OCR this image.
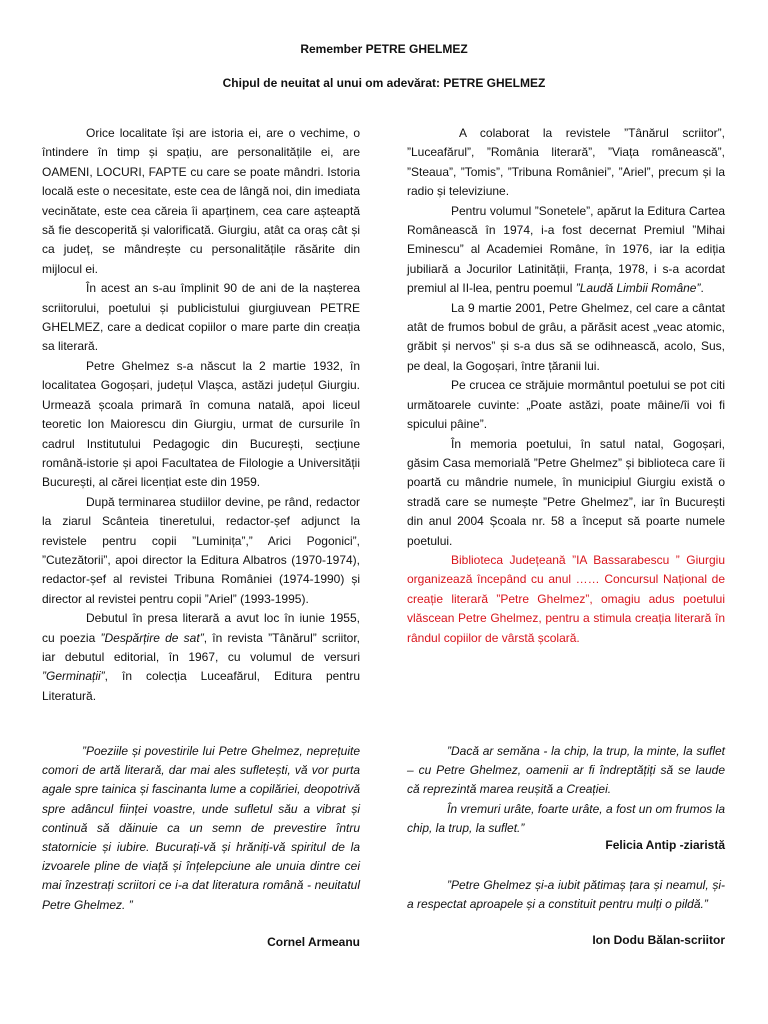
Remember PETRE GHELMEZ
Chipul de neuitat al unui om adevărat: PETRE GHELMEZ

Orice localitate își are istoria ei, are o vechime, o întindere în timp și spațiu, are personalitățile ei, are OAMENI, LOCURI, FAPTE cu care se poate mândri. Istoria locală este o necesitate, este cea de lângă noi, din imediata vecinătate, este cea căreia îi aparținem, cea care așteaptă să fie descoperită și valorificată. Giurgiu, atât ca oraș cât și ca județ, se mândrește cu personalitățile răsărite din mijlocul ei.

În acest an s-au împlinit 90 de ani de la nașterea scriitorului, poetului și publicistului giurgiuvean PETRE GHELMEZ, care a dedicat copiilor o mare parte din creația sa literară.

Petre Ghelmez s-a născut la 2 martie 1932, în localitatea Gogoșari, județul Vlașca, astăzi județul Giurgiu. Urmează școala primară în comuna natală, apoi liceul teoretic Ion Maiorescu din Giurgiu, urmat de cursurile în cadrul Institutului Pedagogic din București, secțiune română-istorie și apoi Facultatea de Filologie a Universității București, al cărei licențiat este din 1959.

După terminarea studiilor devine, pe rând, redactor la ziarul Scânteia tineretului, redactor-șef adjunct la revistele pentru copii ”Luminița”,” Arici Pogonici”, ”Cutezătorii”, apoi director la Editura Albatros (1970-1974), redactor-șef al revistei Tribuna României (1974-1990) și director al revistei pentru copii ”Ariel” (1993-1995).

Debutul în presa literară a avut loc în iunie 1955, cu poezia ”Despărțire de sat”, în revista ”Tânărul” scriitor, iar debutul editorial, în 1967, cu volumul de versuri ”Germinații”, în colecția Luceafărul, Editura pentru Literatură.

A colaborat la revistele ”Tânărul scriitor”, ”Luceafărul”, ”România literară”, ”Viața românească”, ”Steaua”, ”Tomis”, ”Tribuna României”, ”Ariel”, precum și la radio și televiziune.

Pentru volumul ”Sonetele”, apărut la Editura Cartea Românească în 1974, i-a fost decernat Premiul ”Mihai Eminescu” al Academiei Române, în 1976, iar la ediția jubiliară a Jocurilor Latinității, Franța, 1978, i s-a acordat premiul al II-lea, pentru poemul ”Laudă Limbii Române”.

La 9 martie 2001, Petre Ghelmez, cel care a cântat atât de frumos bobul de grâu, a părăsit acest „veac atomic, grăbit și nervos” și s-a dus să se odihnească, acolo, Sus, pe deal, la Gogoșari, între țăranii lui.

Pe crucea ce străjuie mormântul poetului se pot citi următoarele cuvinte: „Poate astăzi, poate mâine/îi voi fi spicului pâine”.

În memoria poetului, în satul natal, Gogoșari, găsim Casa memorială ”Petre Ghelmez” și biblioteca care îi poartă cu mândrie numele, în municipiul Giurgiu există o stradă care se numește ”Petre Ghelmez”, iar în București din anul 2004 Școala nr. 58 a început să poarte numele poetului.

Biblioteca Județeană ”IA Bassarabescu ” Giurgiu organizează începând cu anul …… Concursul Național de creație literară ”Petre Ghelmez”, omagiu adus poetului vlăscean Petre Ghelmez, pentru a stimula creația literară în rândul copiilor de vârstă școlară.

”Poeziile și povestirile lui Petre Ghelmez, neprețuite comori de artă literară, dar mai ales sufletești, vă vor purta agale spre tainica și fascinanta lume a copilăriei, deopotrivă spre adâncul ființei voastre, unde sufletul său a vibrat și continuă să dăinuie ca un semn de prevestire întru statornicie și iubire. Bucurați-vă și hrăniți-vă spiritul de la izvoarele pline de viață și înțelepciune ale unuia dintre cei mai înzestrați scriitori ce i-a dat literatura română - neuitatul Petre Ghelmez. ”

Cornel Armeanu

”Dacă ar semăna - la chip, la trup, la minte, la suflet – cu Petre Ghelmez, oamenii ar fi îndreptățiți să se laude că reprezintă marea reușită a Creației.

În vremuri urâte, foarte urâte, a fost un om frumos la chip, la trup, la suflet.”

Felicia Antip -ziaristă

”Petre Ghelmez și-a iubit pătimaș țara și neamul, și-a respectat aproapele și a constituit pentru mulți o pildă.”

Ion Dodu Bălan-scriitor
